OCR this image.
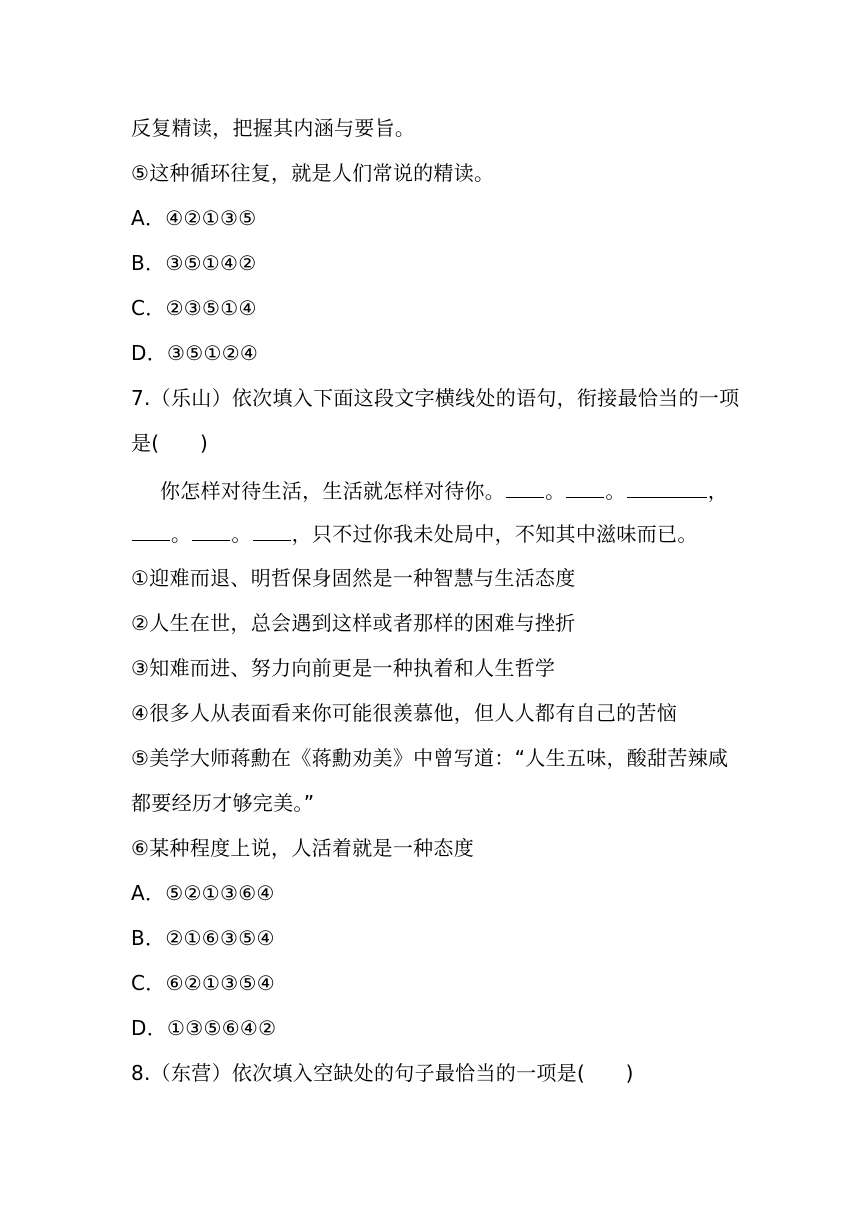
反复精读，把握其内涵与要旨。
⑤这种循环往复，就是人们常说的精读。
A．④②①③⑤
B．③⑤①④②
C．②③⑤①④
D．③⑤①②④
7.（乐山）依次填入下面这段文字横线处的语句，衔接最恰当的一项
是(　　)
你怎样对待生活，生活就怎样对待你。 。 。	，
。 。 ，只不过你我未处局中，不知其中滋味而已。
①迎难而退、明哲保身固然是一种智慧与生活态度
②人生在世，总会遇到这样或者那样的困难与挫折
③知难而进、努力向前更是一种执着和人生哲学
④很多人从表面看来你可能很羡慕他，但人人都有自己的苦恼
⑤美学大师蒋勳在《蒋勳劝美》中曾写道：“人生五味，酸甜苦辣咸
都要经历才够完美。”
⑥某种程度上说，人活着就是一种态度
A．⑤②①③⑥④
B．②①⑥③⑤④
C．⑥②①③⑤④
D．①③⑤⑥④②
8.（东营）依次填入空缺处的句子最恰当的一项是(　　)
